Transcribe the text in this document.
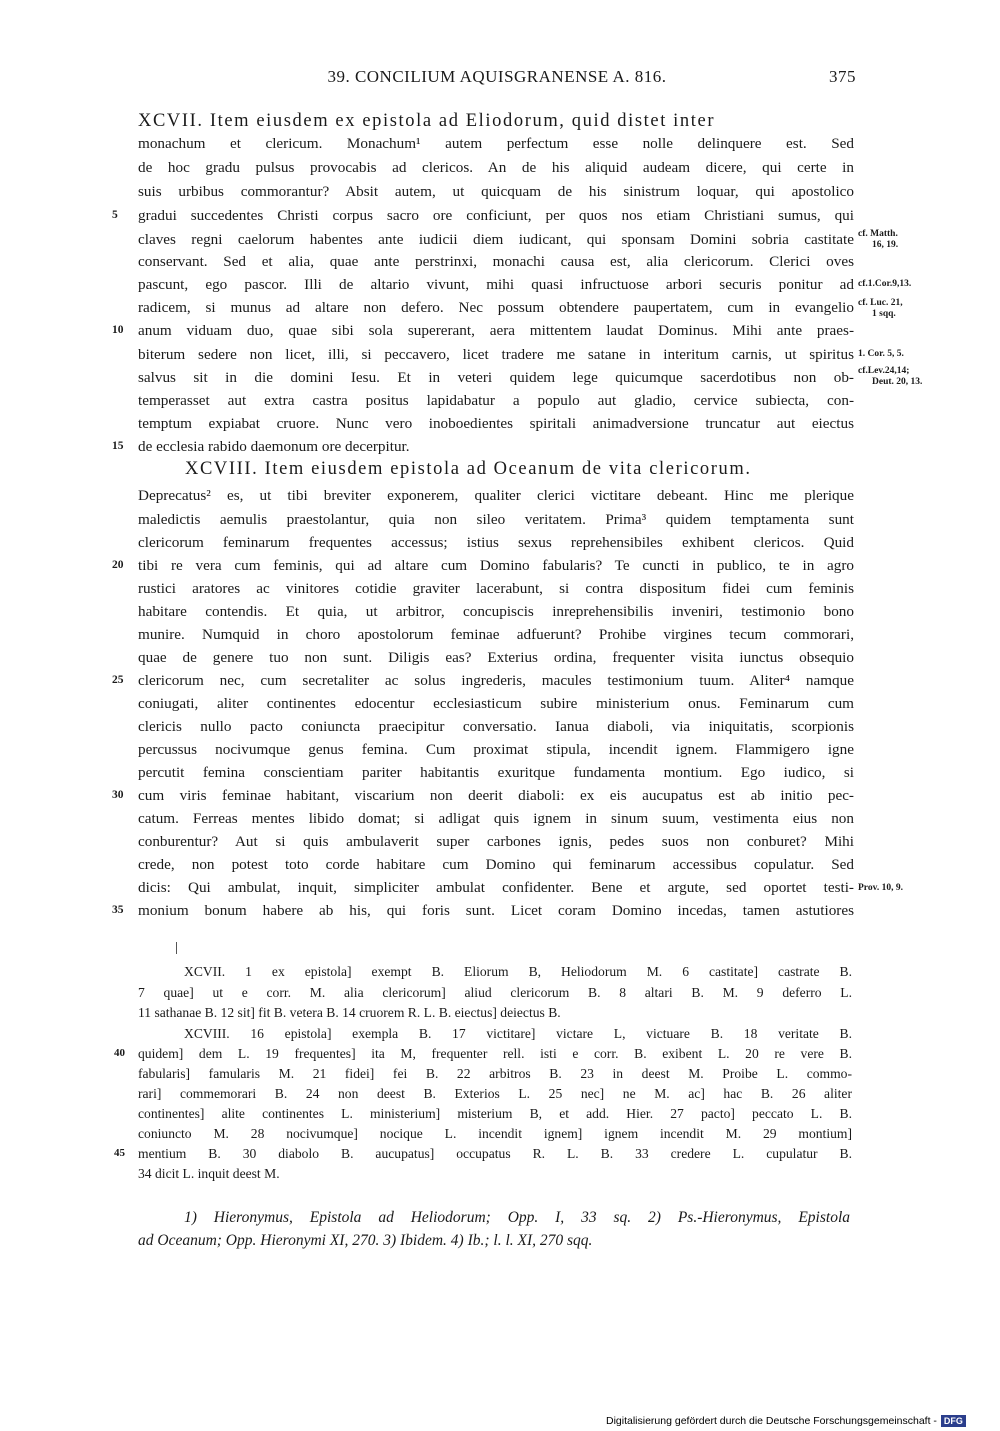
39. CONCILIUM AQUISGRANENSE A. 816.	375
XCVII. Item eiusdem ex epistola ad Eliodorum, quid distet inter
monachum et clericum. Monachum¹ autem perfectum esse nolle delinquere est. Sed
de hoc gradu pulsus provocabis ad clericos. An de his aliquid audeam dicere, qui certe in
suis urbibus commorantur? Absit autem, ut quicquam de his sinistrum loquar, qui apostolico
gradui succedentes Christi corpus sacro ore conficiunt, per quos nos etiam Christiani sumus, qui
claves regni caelorum habentes ante iudicii diem iudicant, qui sponsam Domini sobria castitate
conservant. Sed et alia, quae ante perstrinxi, monachi causa est, alia clericorum. Clerici oves
pascunt, ego pascor. Illi de altario vivunt, mihi quasi infructuose arbori securis ponitur ad
radicem, si munus ad altare non defero. Nec possum obtendere paupertatem, cum in evangelio
anum viduam duo, quae sibi sola supererant, aera mittentem laudat Dominus. Mihi ante praes-
biterum sedere non licet, illi, si peccavero, licet tradere me satane in interitum carnis, ut spiritus
salvus sit in die domini Iesu. Et in veteri quidem lege quicumque sacerdotibus non ob-
temperasset aut extra castra positus lapidabatur a populo aut gladio, cervice subiecta, con-
temptum expiabat cruore. Nunc vero inoboedientes spiritali animadversione truncatur aut eiectus
de ecclesia rabido daemonum ore decerpitur.
XCVIII. Item eiusdem epistola ad Oceanum de vita clericorum.
Deprecatus² es, ut tibi breviter exponerem, qualiter clerici victitare debeant. Hinc me plerique
maledictis aemulis praestolantur, quia non sileo veritatem. Prima³ quidem temptamenta sunt
clericorum feminarum frequentes accessus; istius sexus reprehensibiles exhibent clericos. Quid
tibi re vera cum feminis, qui ad altare cum Domino fabularis? Te cuncti in publico, te in agro
rustici aratores ac vinitores cotidie graviter lacerabunt, si contra dispositum fidei cum feminis
habitare contendis. Et quia, ut arbitror, concupiscis inreprehensibilis inveniri, testimonio bono
munire. Numquid in choro apostolorum feminae adfuerunt? Prohibe virgines tecum commorari,
quae de genere tuo non sunt. Diligis eas? Exterius ordina, frequenter visita iunctus obsequio
clericorum nec, cum secretaliter ac solus ingrederis, macules testimonium tuum. Aliter⁴ namque
coniugati, aliter continentes edocentur ecclesiasticum subire ministerium onus. Feminarum cum
clericis nullo pacto coniuncta praecipitur conversatio. Ianua diaboli, via iniquitatis, scorpionis
percussus nocivumque genus femina. Cum proximat stipula, incendit ignem. Flammigero igne
percutit femina conscientiam pariter habitantis exuritque fundamenta montium. Ego iudico, si
cum viris feminae habitant, viscarium non deerit diaboli: ex eis aucupatus est ab initio pec-
catum. Ferreas mentes libido domat; si adligat quis ignem in sinum suum, vestimenta eius non
conburentur? Aut si quis ambulaverit super carbones ignis, pedes suos non conburet? Mihi
crede, non potest toto corde habitare cum Domino qui feminarum accessibus copulatur. Sed
dicis: Qui ambulat, inquit, simpliciter ambulat confidenter. Bene et argute, sed oportet testi-
monium bonum habere ab his, qui foris sunt. Licet coram Domino incedas, tamen astutiores
5
10
15
20
25
30
35
cf. Matth.
16, 19.
cf.1.Cor.9,13.
cf. Luc. 21,
1 sqq.
1. Cor. 5, 5.
cf.Lev.24,14;
Deut. 20, 13.
Prov. 10, 9.
XCVII. 1 ex epistola] exempt B. Eliorum B, Heliodorum M. 6 castitate] castrate B.
7 quae] ut e corr. M. alia clericorum] aliud clericorum B. 8 altari B. M. 9 deferro L.
11 sathanae B. 12 sit] fit B. vetera B. 14 cruorem R. L. B. eiectus] deiectus B.
XCVIII. 16 epistola] exempla B. 17 victitare] victare L, victuare B. 18 veritate B.
quidem] dem L. 19 frequentes] ita M, frequenter rell. isti e corr. B. exibent L. 20 re vere B.
fabularis] famularis M. 21 fidei] fei B. 22 arbitros B. 23 in deest M. Proibe L. commo-
rari] commemorari B. 24 non deest B. Exterios L. 25 nec] ne M. ac] hac B. 26 aliter
continentes] alite continentes L. ministerium] misterium B, et add. Hier. 27 pacto] peccato L. B.
coniuncto M. 28 nocivumque] nocique L. incendit ignem] ignem incendit M. 29 montium]
mentium B. 30 diabolo B. aucupatus] occupatus R. L. B. 33 credere L. cupulatur B.
34 dicit L. inquit deest M.
40
45
1) Hieronymus, Epistola ad Heliodorum; Opp. I, 33 sq. 2) Ps.-Hieronymus, Epistola
ad Oceanum; Opp. Hieronymi XI, 270. 3) Ibidem. 4) Ib.; l. l. XI, 270 sqq.
Digitalisierung gefördert durch die Deutsche Forschungsgemeinschaft - DFG
